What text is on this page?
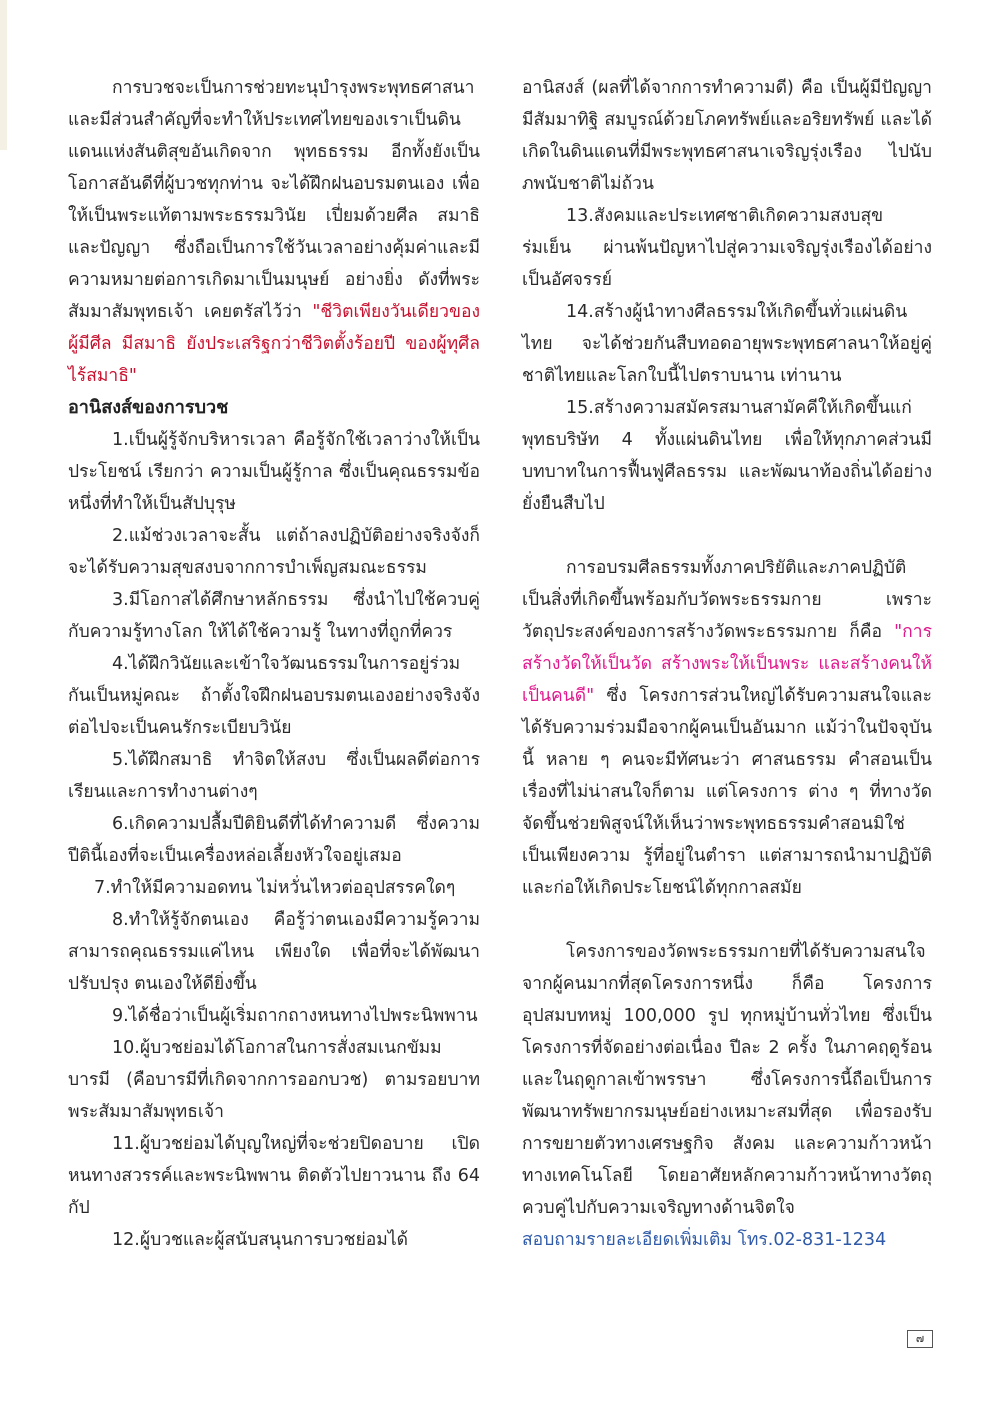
การบวชจะเป็นการช่วยทะนุบำรุงพระพุทธศาสนา และมีส่วนสำคัญที่จะทำให้ประเทศไทยของเราเป็นดินแดนแห่งสันติสุขอันเกิดจาก พุทธธรรม อีกทั้งยังเป็นโอกาสอันดีที่ผู้บวชทุกท่าน จะได้ฝึกฝนอบรมตนเอง เพื่อให้เป็นพระแท้ตามพระธรรมวินัย เปี่ยมด้วยศีล สมาธิและปัญญา ซึ่งถือเป็นการใช้วันเวลาอย่างคุ้มค่าและมีความหมายต่อการเกิดมาเป็นมนุษย์ อย่างยิ่ง ดังที่พระสัมมาสัมพุทธเจ้า เคยตรัสไว้ว่า "ชีวิตเพียงวันเดียวของผู้มีศีล มีสมาธิ ยังประเสริฐกว่าชีวิตตั้งร้อยปี ของผู้ทุศีล ไร้สมาธิ"

อานิสงส์ของการบวช

1.เป็นผู้รู้จักบริหารเวลา คือรู้จักใช้เวลาว่างให้เป็นประโยชน์ เรียกว่า ความเป็นผู้รู้กาล ซึ่งเป็นคุณธรรมข้อหนึ่งที่ทำให้เป็นสัปบุรุษ

2.แม้ช่วงเวลาจะสั้น แต่ถ้าลงปฏิบัติอย่างจริงจังก็จะได้รับความสุขสงบจากการบำเพ็ญสมณะธรรม

3.มีโอกาสได้ศึกษาหลักธรรม ซึ่งนำไปใช้ควบคู่กับความรู้ทางโลก ให้ได้ใช้ความรู้ ในทางที่ถูกที่ควร

4.ได้ฝึกวินัยและเข้าใจวัฒนธรรมในการอยู่ร่วมกันเป็นหมู่คณะ ถ้าตั้งใจฝึกฝนอบรมตนเองอย่างจริงจัง ต่อไปจะเป็นคนรักระเบียบวินัย

5.ได้ฝึกสมาธิ ทำจิตให้สงบ ซึ่งเป็นผลดีต่อการเรียนและการทำงานต่างๆ

6.เกิดความปลื้มปีติยินดีที่ได้ทำความดี ซึ่งความปีตินี้เองที่จะเป็นเครื่องหล่อเลี้ยงหัวใจอยู่เสมอ

7.ทำให้มีความอดทน ไม่หวั่นไหวต่ออุปสรรคใดๆ

8.ทำให้รู้จักตนเอง คือรู้ว่าตนเองมีความรู้ความสามารถคุณธรรมแค่ไหน เพียงใด เพื่อที่จะได้พัฒนาปรับปรุง ตนเองให้ดียิ่งขึ้น

9.ได้ชื่อว่าเป็นผู้เริ่มถากถางหนทางไปพระนิพพาน

10.ผู้บวชย่อมได้โอกาสในการสั่งสมเนกขัมมบารมี (คือบารมีที่เกิดจากการออกบวช) ตามรอยบาทพระสัมมาสัมพุทธเจ้า

11.ผู้บวชย่อมได้บุญใหญ่ที่จะช่วยปิดอบาย เปิดหนทางสวรรค์และพระนิพพาน ติดตัวไปยาวนาน ถึง 64 กัป

12.ผู้บวชและผู้สนับสนุนการบวชย่อมได้

อานิสงส์ (ผลที่ได้จากการทำความดี) คือ เป็นผู้มีปัญญา มีสัมมาทิฐิ สมบูรณ์ด้วยโภคทรัพย์และอริยทรัพย์ และได้เกิดในดินแดนที่มีพระพุทธศาสนาเจริญรุ่งเรือง ไปนับภพนับชาติไม่ถ้วน

13.สังคมและประเทศชาติเกิดความสงบสุขร่มเย็น ผ่านพ้นปัญหาไปสู่ความเจริญรุ่งเรืองได้อย่างเป็นอัศจรรย์

14.สร้างผู้นำทางศีลธรรมให้เกิดขึ้นทั่วแผ่นดินไทย จะได้ช่วยกันสืบทอดอายุพระพุทธศาลนาให้อยู่คู่ชาติไทยและโลกใบนี้ไปตราบนาน เท่านาน

15.สร้างความสมัครสมานสามัคคีให้เกิดขึ้นแก่พุทธบริษัท 4 ทั้งแผ่นดินไทย เพื่อให้ทุกภาคส่วนมีบทบาทในการฟื้นฟูศีลธรรม และพัฒนาท้องถิ่นได้อย่างยั่งยืนสืบไป

การอบรมศีลธรรมทั้งภาคปริยัติและภาคปฏิบัติ เป็นสิ่งที่เกิดขึ้นพร้อมกับวัดพระธรรมกาย เพราะวัตถุประสงค์ของการสร้างวัดพระธรรมกาย ก็คือ "การสร้างวัดให้เป็นวัด สร้างพระให้เป็นพระ และสร้างคนให้เป็นคนดี" ซึ่ง โครงการส่วนใหญ่ได้รับความสนใจและได้รับความร่วมมือจากผู้คนเป็นอันมาก แม้ว่าในปัจจุบันนี้ หลาย ๆ คนจะมีทัศนะว่า ศาสนธรรม คำสอนเป็นเรื่องที่ไม่น่าสนใจก็ตาม แต่โครงการ ต่าง ๆ ที่ทางวัดจัดขึ้นช่วยพิสูจน์ให้เห็นว่าพระพุทธธรรมคำสอนมิใช่เป็นเพียงความ รู้ที่อยู่ในตำรา แต่สามารถนำมาปฏิบัติและก่อให้เกิดประโยชน์ได้ทุกกาลสมัย

โครงการของวัดพระธรรมกายที่ได้รับความสนใจจากผู้คนมากที่สุดโครงการหนึ่ง ก็คือ โครงการอุปสมบทหมู่ 100,000 รูป ทุกหมู่บ้านทั่วไทย ซึ่งเป็นโครงการที่จัดอย่างต่อเนื่อง ปีละ 2 ครั้ง ในภาคฤดูร้อน และในฤดูกาลเข้าพรรษา ซึ่งโครงการนี้ถือเป็นการพัฒนาทรัพยากรมนุษย์อย่างเหมาะสมที่สุด เพื่อรองรับการขยายตัวทางเศรษฐกิจ สังคม และความก้าวหน้าทางเทคโนโลยี โดยอาศัยหลักความก้าวหน้าทางวัตถุควบคู่ไปกับความเจริญทางด้านจิตใจ

สอบถามรายละเอียดเพิ่มเติม โทร.02-831-1234

๗
